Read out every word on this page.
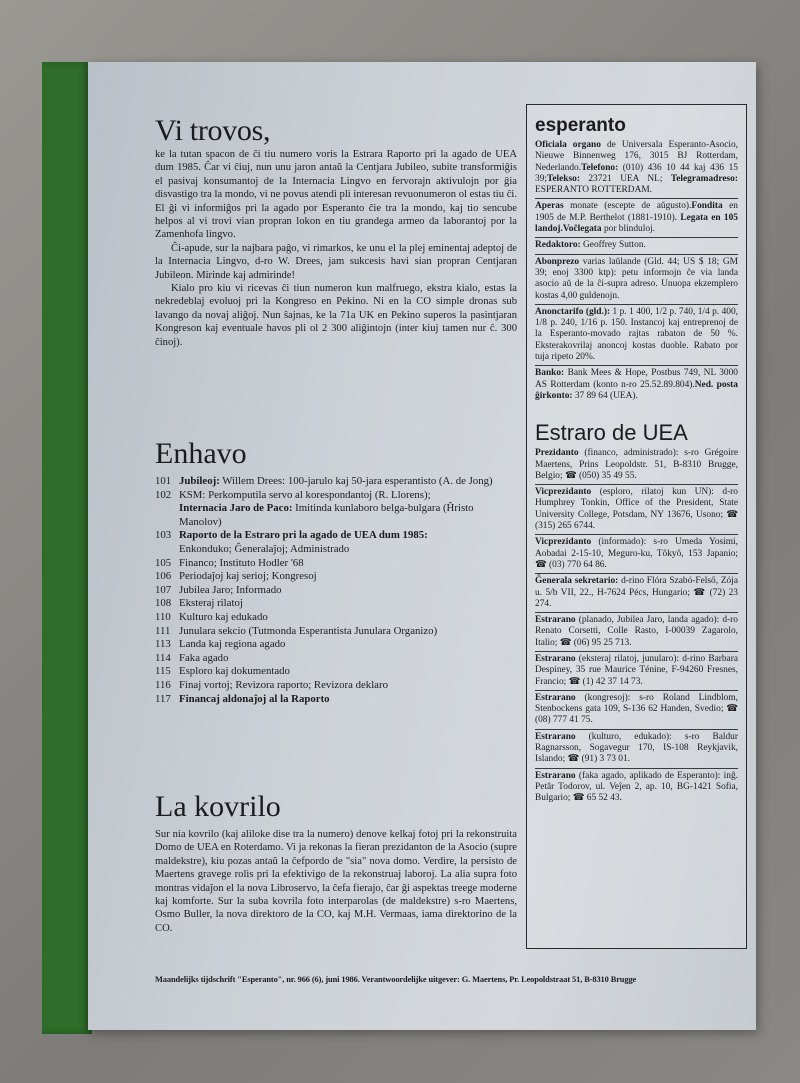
Vi trovos,

ke la tutan spacon de ĉi tiu numero voris la Estrara Raporto pri la agado de UEA dum 1985. Ĉar vi ĉiuj, nun unu jaron antaŭ la Centjara Jubileo, subite transformiĝis el pasivaj konsumantoj de la Internacia Lingvo en fervorajn aktivulojn por ĝia disvastigo tra la mondo, vi ne povus atendi pli interesan revuonumeron ol estas tiu ĉi. El ĝi vi informiĝos pri la agado por Esperanto ĉie tra la mondo, kaj tio sencube helpos al vi trovi vian propran lokon en tiu grandega armeo da laborantoj por la Zamenhofa lingvo.

Ĉi-apude, sur la najbara paĝo, vi rimarkos, ke unu el la plej eminentaj adeptoj de la Internacia Lingvo, d-ro W. Drees, jam sukcesis havi sian propran Centjaran Jubileon. Mirinde kaj admirinde!

Kialo pro kiu vi ricevas ĉi tiun numeron kun malfruego, ekstra kialo, estas la nekredeblaj evoluoj pri la Kongreso en Pekino. Ni en la CO simple dronas sub lavango da novaj aliĝoj. Nun ŝajnas, ke la 71a UK en Pekino superos la pasintjaran Kongreson kaj eventuale havos pli ol 2 300 aliĝintojn (inter kiuj tamen nur ĉ. 300 ĉinoj).

Enhavo
101 Jubileoj: Willem Drees: 100-jarulo kaj 50-jara esperantisto (A. de Jong)
102 KSM: Perkomputila servo al korespondantoj (R. Llorens);
Internacia Jaro de Paco: Imitinda kunlaboro belga-bulgara (Ĥristo Manolov)
103 Raporto de la Estraro pri la agado de UEA dum 1985:
Enkonduko; Ĝeneralaĵoj; Administrado
105 Financo; Instituto Hodler '68
106 Periodaĵoj kaj serioj; Kongresoj
107 Jubilea Jaro; Informado
108 Eksteraj rilatoj
110 Kulturo kaj edukado
111 Junulara sekcio (Tutmonda Esperantista Junulara Organizo)
113 Landa kaj regiona agado
114 Faka agado
115 Esploro kaj dokumentado
116 Finaj vortoj; Revizora raporto; Revizora deklaro
117 Financaj aldonaĵoj al la Raporto
La kovrilo

Sur nia kovrilo (kaj aliloke dise tra la numero) denove kelkaj fotoj pri la rekonstruita Domo de UEA en Roterdamo. Vi ja rekonas la fieran prezidanton de la Asocio (supre maldekstre), kiu pozas antaŭ la ĉefpordo de "sia" nova domo. Verdire, la persisto de Maertens gravege rolis pri la efektivigo de la rekonstruaj laboroj. La alia supra foto montras vidaĵon el la nova Libroservo, la ĉefa fierajo, ĉar ĝi aspektas treege moderne kaj komforte. Sur la suba kovrila foto interparolas (de maldekstre) s-ro Maertens, Osmo Buller, la nova direktoro de la CO, kaj M.H. Vermaas, iama direktorino de la CO.

esperanto

Oficiala organo de Universala Esperanto-Asocio, Nieuwe Binnenweg 176, 3015 BJ Rotterdam, Nederlando.Telefono: (010) 436 10 44 kaj 436 15 39;Telekso: 23721 UEA NL; Telegramadreso: ESPERANTO ROTTERDAM.

Aperas monate (escepte de aŭgusto).Fondita en 1905 de M.P. Berthelot (1881-1910). Legata en 105 landoj.Voĉlegata por blinduloj.

Redaktoro: Geoffrey Sutton.

Abonprezo varias laŭlande (Gld. 44; US $ 18; GM 39; enoj 3300 ktp): petu informojn ĉe via landa asocio aŭ de la ĉi-supra adreso. Unuopa ekzemplero kostas 4,00 guldenojn.

Anonctarifo (gld.): 1 p. 1 400, 1/2 p. 740, 1/4 p. 400, 1/8 p. 240, 1/16 p. 150. Instancoj kaj entreprenoj de la Esperanto-movado rajtas rabaton de 50 %. Eksterakovrilaj anoncoj kostas duoble. Rabato por tuja ripeto 20%.

Banko: Bank Mees & Hope, Postbus 749, NL 3000 AS Rotterdam (konto n-ro 25.52.89.804).Ned. posta ĝirkonto: 37 89 64 (UEA).

Estraro de UEA

Prezidanto (financo, administrado): s-ro Grégoire Maertens, Prins Leopoldstr. 51, B-8310 Brugge, Belgio; ☎ (050) 35 49 55.

Vicprezidanto (esploro, rilatoj kun UN): d-ro Humphrey Tonkin, Office of the President, State University College, Potsdam, NY 13676, Usono; ☎ (315) 265 6744.

Vicprezidanto (informado): s-ro Umeda Yosimi, Aobadai 2-15-10, Meguro-ku, Tôkyô, 153 Japanio; ☎ (03) 770 64 86.

Ĝenerala sekretario: d-rino Flóra Szabó-Felső, Zója u. 5/b VII, 22., H-7624 Pécs, Hungario; ☎ (72) 23 274.

Estrarano (planado, Jubilea Jaro, landa agado): d-ro Renato Corsetti, Colle Rasto, I-00039 Zagarolo, Italio; ☎ (06) 95 25 713.

Estrarano (eksteraj rilatoj, junularo): d-rino Barbara Despiney, 35 rue Maurice Ténine, F-94260 Fresnes, Francio; ☎ (1) 42 37 14 73.

Estrarano (kongresoj): s-ro Roland Lindblom, Stenbockens gata 109, S-136 62 Handen, Svedio; ☎ (08) 777 41 75.

Estrarano (kulturo, edukado): s-ro Baldur Ragnarsson, Sogavegur 170, IS-108 Reykjavik, Islando; ☎ (91) 3 73 01.

Estrarano (faka agado, aplikado de Esperanto): inĝ. Petăr Todorov, ul. Veĵen 2, ap. 10, BG-1421 Sofia, Bulgario; ☎ 65 52 43.

Maandelijks tijdschrift "Esperanto", nr. 966 (6), juni 1986. Verantwoordelijke uitgever: G. Maertens, Pr. Leopoldstraat 51, B-8310 Brugge
